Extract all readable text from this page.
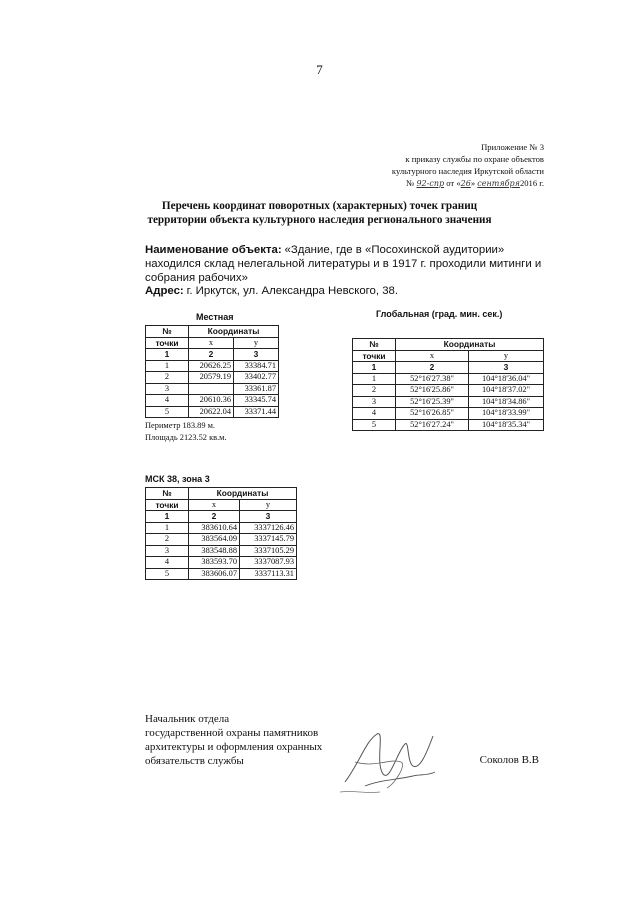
7
Приложение № 3
к приказу службы по охране объектов
культурного наследия Иркутской области
№ 92-спр от «26» сентября2016 г.
Перечень координат поворотных (характерных) точек границ
территории объекта культурного наследия регионального значения
Наименование объекта: «Здание, где в «Посохинской аудитории»
находился склад нелегальной литературы и в 1917 г. проходили митинги и
собрания рабочих»
Адрес: г. Иркутск, ул. Александра Невского, 38.
Местная
№	Координаты	
точки	x	y
1	2	3
1	20626.25	33384.71
2	20579.19	33402.77
3		33361.87
4	20610.36	33345.74
5	20622.04	33371.44
Периметр 183.89 м.
Площадь 2123.52 кв.м.
Глобальная (град. мин. сек.)
№	Координаты	
точки	x	y
1	2	3
1	52°16'27.38"	104°18'36.04"
2	52°16'25.86"	104°18'37.02"
3	52°16'25.39"	104°18'34.86"
4	52°16'26.85"	104°18'33.99"
5	52°16'27.24"	104°18'35.34"
МСК 38, зона 3
№	Координаты	
точки	x	y
1	2	3
1	383610.64	3337126.46
2	383564.09	3337145.79
3	383548.88	3337105.29
4	383593.70	3337087.93
5	383606.07	3337113.31
Начальник отдела
государственной охраны памятников
архитектуры и оформления охранных
обязательств службы	Соколов В.В
